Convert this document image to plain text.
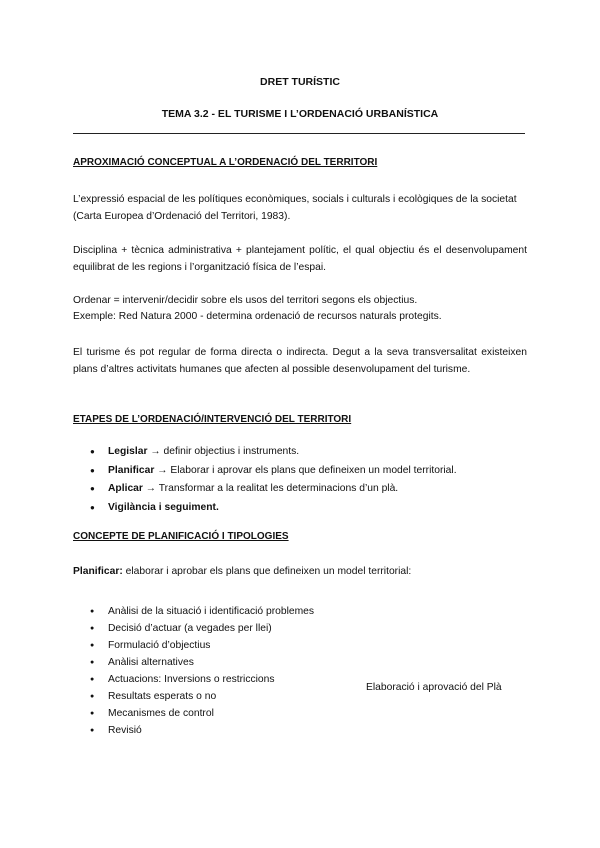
DRET TURÍSTIC
TEMA 3.2 - EL TURISME I L’ORDENACIÓ URBANÍSTICA
APROXIMACIÓ CONCEPTUAL A L’ORDENACIÓ DEL TERRITORI

L’expressió espacial de les polítiques econòmiques, socials i culturals i ecològiques de la societat (Carta Europea d’Ordenació del Territori, 1983).

Disciplina + tècnica administrativa + plantejament polític, el qual objectiu és el desenvolupament equilibrat de les regions i l’organització física de l’espai.

Ordenar = intervenir/decidir sobre els usos del territori segons els objectius.
Exemple: Red Natura 2000 - determina ordenació de recursos naturals protegits.

El turisme és pot regular de forma directa o indirecta. Degut a la seva transversalitat existeixen plans d’altres activitats humanes que afecten al possible desenvolupament del turisme.

ETAPES DE L’ORDENACIÓ/INTERVENCIÓ DEL TERRITORI
● Legislar → definir objectius i instruments.
● Planificar → Elaborar i aprovar els plans que defineixen un model territorial.
● Aplicar → Transformar a la realitat les determinacions d’un plà.
● Vigilància i seguiment.
CONCEPTE DE PLANIFICACIÓ I TIPOLOGIES
Planificar: elaborar i aprobar els plans que defineixen un model territorial:
● Anàlisi de la situació i identificació problemes
● Decisió d’actuar (a vegades per llei)
● Formulació d’objectius
● Anàlisi alternatives
● Actuacions: Inversions o restriccions
● Resultats esperats o no
● Mecanismes de control
● Revisió
Elaboració i aprovació del Plà
